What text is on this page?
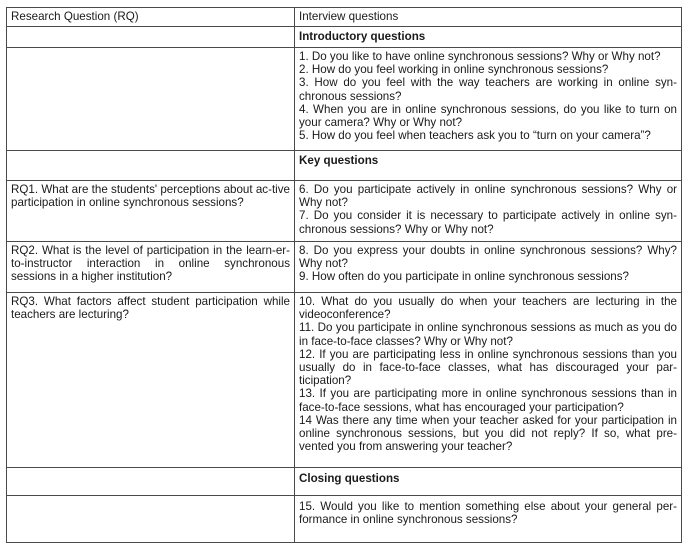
Research Question (RQ)	Interview questions
	Introductory questions

	1. Do you like to have online synchronous sessions? Why or Why not?
2. How do you feel working in online synchronous sessions?
3. How do you feel with the way teachers are working in online syn-chronous sessions?
4. When you are in online synchronous sessions, do you like to turn on your camera? Why or Why not?
5. How do you feel when teachers ask you to “turn on your camera”?

	Key questions
RQ1. What are the students' perceptions about ac-tive participation in online synchronous sessions?	6. Do you participate actively in online synchronous sessions? Why or Why not?
7. Do you consider it is necessary to participate actively in online syn-chronous sessions? Why or Why not?

RQ2. What is the level of participation in the learn-er-to-instructor interaction in online synchronous sessions in a higher institution?	8. Do you express your doubts in online synchronous sessions? Why? Why not?
9. How often do you participate in online synchronous sessions?

RQ3. What factors affect student participation while teachers are lecturing?	10. What do you usually do when your teachers are lecturing in the videoconference?
11. Do you participate in online synchronous sessions as much as you do in face-to-face classes? Why or Why not?
12. If you are participating less in online synchronous sessions than you usually do in face-to-face classes, what has discouraged your par-ticipation?
13. If you are participating more in online synchronous sessions than in face-to-face sessions, what has encouraged your participation?
14 Was there any time when your teacher asked for your participation in online synchronous sessions, but you did not reply? If so, what pre-vented you from answering your teacher?

	Closing questions

	15. Would you like to mention something else about your general per-formance in online synchronous sessions?
